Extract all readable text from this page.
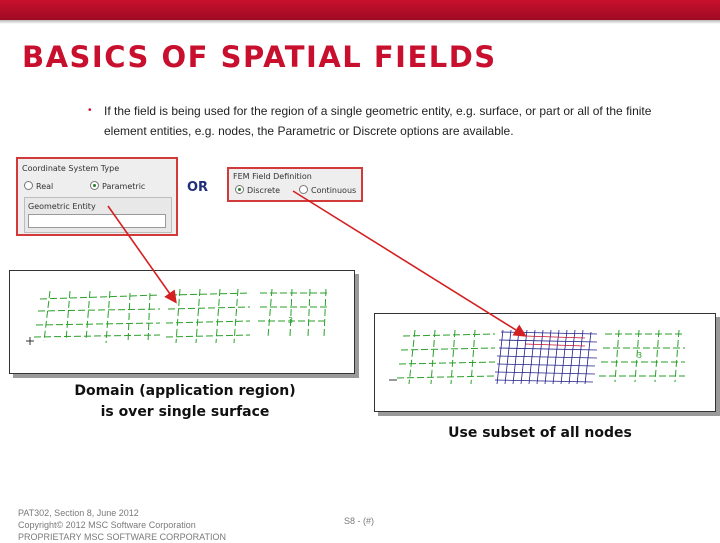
BASICS OF SPATIAL FIELDS
•	If the field is being used for the region of a single geometric entity, e.g. surface, or part or all of the finite element entities, e.g. nodes, the Parametric or Discrete options are available.
Coordinate System Type
Real	Parametric
Geometric Entity
OR
FEM Field Definition
Discrete	Continuous
3
3
Domain (application region)
is over single surface
Use subset of all nodes
PAT302, Section 8, June 2012
Copyright© 2012 MSC Software Corporation
PROPRIETARY MSC SOFTWARE CORPORATION
S8 - (#)
